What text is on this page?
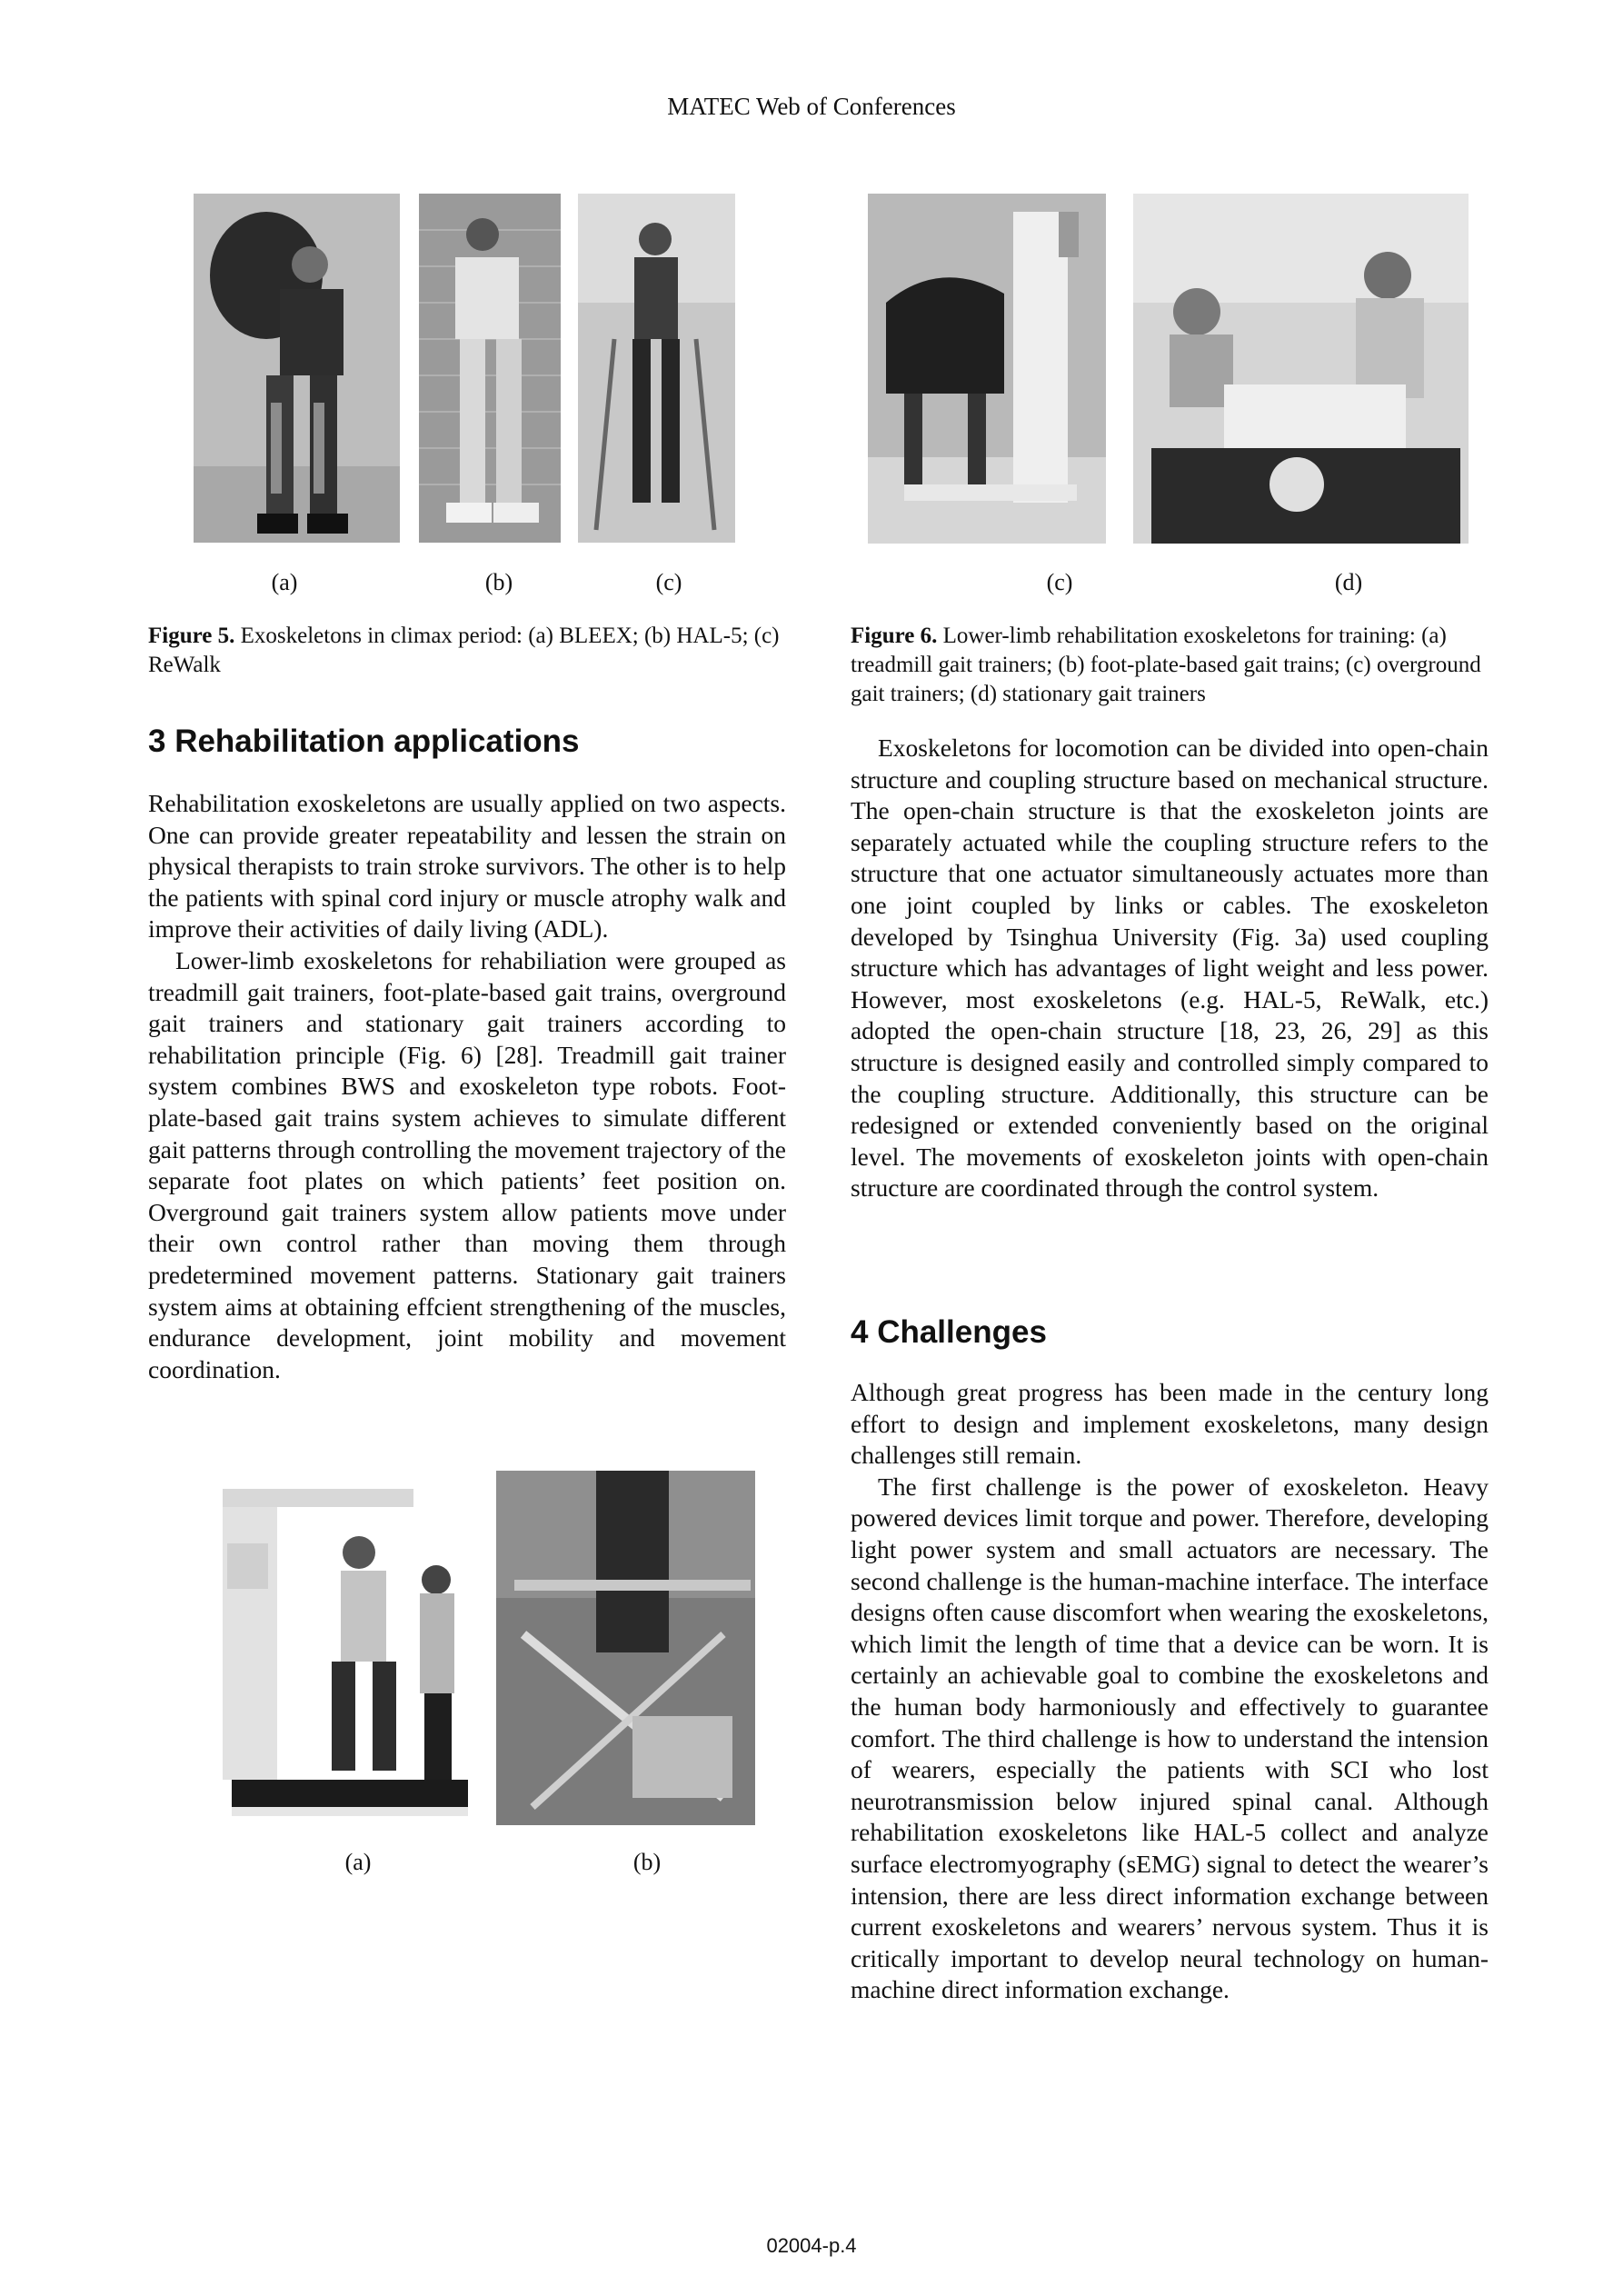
MATEC Web of Conferences
(a)	(b)	(c)
Figure 5. Exoskeletons in climax period: (a) BLEEX; (b) HAL-5; (c) ReWalk
(c)	(d)
Figure 6. Lower-limb rehabilitation exoskeletons for training: (a) treadmill gait trainers; (b) foot-plate-based gait trains; (c) overground gait trainers; (d) stationary gait trainers
3 Rehabilitation applications

Rehabilitation exoskeletons are usually applied on two aspects. One can provide greater repeatability and lessen the strain on physical therapists to train stroke survivors. The other is to help the patients with spinal cord injury or muscle atrophy walk and improve their activities of daily living (ADL).

Lower-limb exoskeletons for rehabiliation were grouped as treadmill gait trainers, foot-plate-based gait trains, overground gait trainers and stationary gait trainers according to rehabilitation principle (Fig. 6) [28]. Treadmill gait trainer system combines BWS and exoskeleton type robots. Foot- plate-based gait trains system achieves to simulate different gait patterns through controlling the movement trajectory of the separate foot plates on which patients’ feet position on. Overground gait trainers system allow patients move under their own control rather than moving them through predetermined movement patterns. Stationary gait trainers system aims at obtaining effcient strengthening of the muscles, endurance development, joint mobility and movement coordination.

(a)	(b)

Exoskeletons for locomotion can be divided into open-chain structure and coupling structure based on mechanical structure. The open-chain structure is that the exoskeleton joints are separately actuated while the coupling structure refers to the structure that one actuator simultaneously actuates more than one joint coupled by links or cables. The exoskeleton developed by Tsinghua University (Fig. 3a) used coupling structure which has advantages of light weight and less power. However, most exoskeletons (e.g. HAL-5, ReWalk, etc.) adopted the open-chain structure [18, 23, 26, 29] as this structure is designed easily and controlled simply compared to the coupling structure. Additionally, this structure can be redesigned or extended conveniently based on the original level. The movements of exoskeleton joints with open-chain structure are coordinated through the control system.

4 Challenges

Although great progress has been made in the century long effort to design and implement exoskeletons, many design challenges still remain.

The first challenge is the power of exoskeleton. Heavy powered devices limit torque and power. Therefore, developing light power system and small actuators are necessary. The second challenge is the human-machine interface. The interface designs often cause discomfort when wearing the exoskeletons, which limit the length of time that a device can be worn. It is certainly an achievable goal to combine the exoskeletons and the human body harmoniously and effectively to guarantee comfort. The third challenge is how to understand the intension of wearers, especially the patients with SCI who lost neurotransmission below injured spinal canal. Although rehabilitation exoskeletons like HAL-5 collect and analyze surface electromyography (sEMG) signal to detect the wearer’s intension, there are less direct information exchange between current exoskeletons and wearers’ nervous system. Thus it is critically important to develop neural technology on human-machine direct information exchange.

02004-p.4
